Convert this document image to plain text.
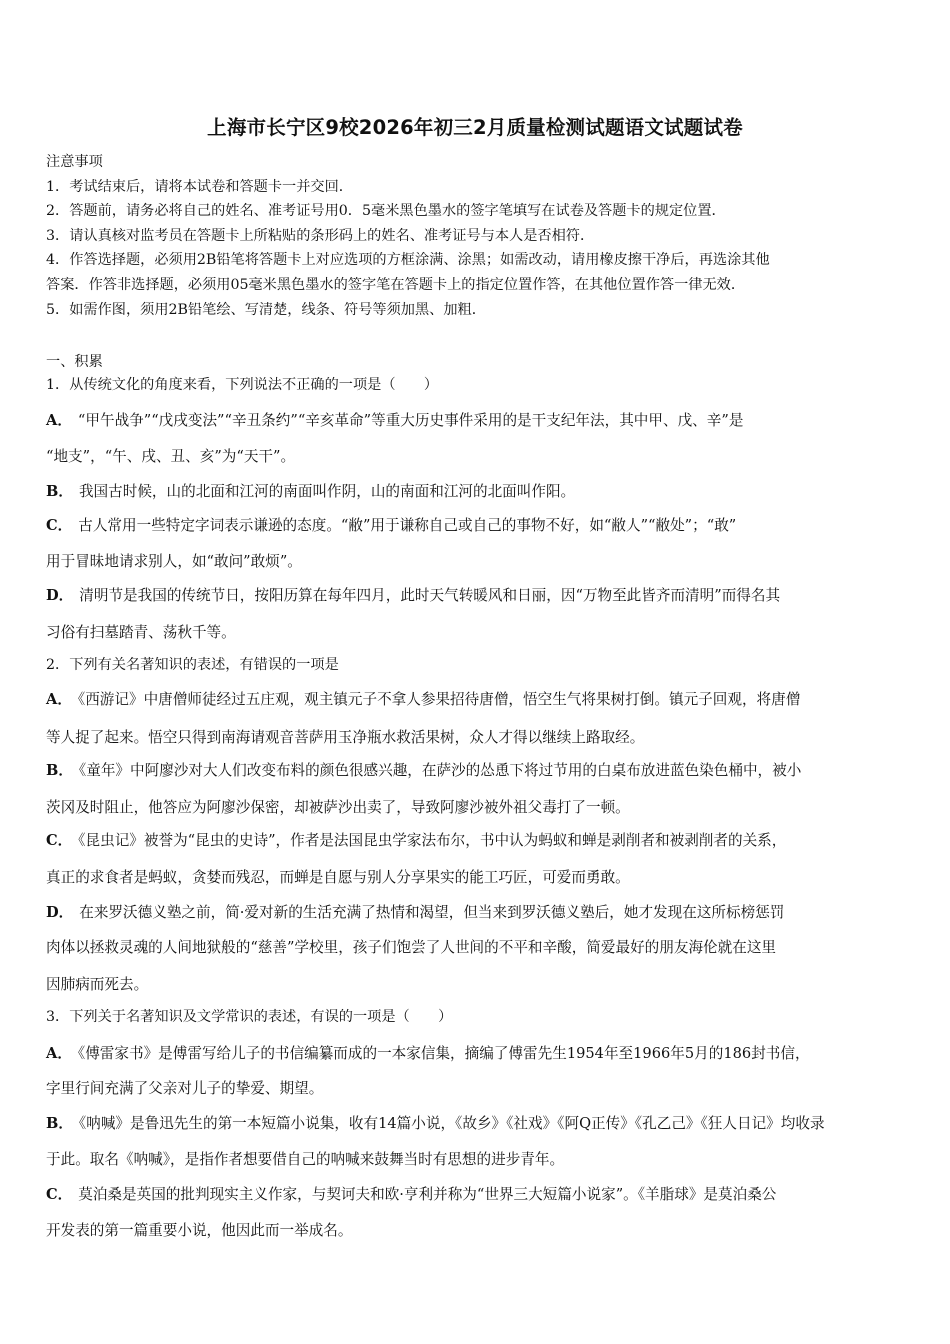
上海市长宁区9校2026年初三2月质量检测试题语文试题试卷
注意事项
1．考试结束后，请将本试卷和答题卡一并交回．
2．答题前，请务必将自己的姓名、准考证号用0．5毫米黑色墨水的签字笔填写在试卷及答题卡的规定位置．
3．请认真核对监考员在答题卡上所粘贴的条形码上的姓名、准考证号与本人是否相符．
4．作答选择题，必须用2B铅笔将答题卡上对应选项的方框涂满、涂黑；如需改动，请用橡皮擦干净后，再选涂其他
答案．作答非选择题，必须用05毫米黑色墨水的签字笔在答题卡上的指定位置作答，在其他位置作答一律无效．
5．如需作图，须用2B铅笔绘、写清楚，线条、符号等须加黑、加粗．
一、积累
1．从传统文化的角度来看，下列说法不正确的一项是（　　）
A． “甲午战争”“戊戌变法”“辛丑条约”“辛亥革命”等重大历史事件采用的是干支纪年法，其中甲、戊、辛”是
“地支”，“午、戌、丑、亥”为“天干”。
B． 我国古时候，山的北面和江河的南面叫作阴，山的南面和江河的北面叫作阳。
C． 古人常用一些特定字词表示谦逊的态度。“敝”用于谦称自己或自己的事物不好，如“敝人”“敝处”；“敢”
用于冒昧地请求别人，如“敢问”敢烦”。
D． 清明节是我国的传统节日，按阳历算在每年四月，此时天气转暖风和日丽，因“万物至此皆齐而清明”而得名其
习俗有扫墓踏青、荡秋千等。
2．下列有关名著知识的表述，有错误的一项是
A． 《西游记》中唐僧师徒经过五庄观，观主镇元子不拿人参果招待唐僧，悟空生气将果树打倒。镇元子回观，将唐僧
等人捉了起来。悟空只得到南海请观音菩萨用玉净瓶水救活果树，众人才得以继续上路取经。
B． 《童年》中阿廖沙对大人们改变布料的颜色很感兴趣，在萨沙的怂恿下将过节用的白桌布放进蓝色染色桶中，被小
茨冈及时阻止，他答应为阿廖沙保密，却被萨沙出卖了，导致阿廖沙被外祖父毒打了一顿。
C． 《昆虫记》被誉为“昆虫的史诗”，作者是法国昆虫学家法布尔，书中认为蚂蚁和蝉是剥削者和被剥削者的关系，
真正的求食者是蚂蚁，贪婪而残忍，而蝉是自愿与别人分享果实的能工巧匠，可爱而勇敢。
D． 在来罗沃德义塾之前，简·爱对新的生活充满了热情和渴望，但当来到罗沃德义塾后，她才发现在这所标榜惩罚
肉体以拯救灵魂的人间地狱般的“慈善”学校里，孩子们饱尝了人世间的不平和辛酸，简爱最好的朋友海伦就在这里
因肺病而死去。
3．下列关于名著知识及文学常识的表述，有误的一项是（　　）
A． 《傅雷家书》是傅雷写给儿子的书信编纂而成的一本家信集，摘编了傅雷先生1954年至1966年5月的186封书信，
字里行间充满了父亲对儿子的挚爱、期望。
B． 《呐喊》是鲁迅先生的第一本短篇小说集，收有14篇小说，《故乡》《社戏》《阿Q正传》《孔乙己》《狂人日记》均收录
于此。取名《呐喊》，是指作者想要借自己的呐喊来鼓舞当时有思想的进步青年。
C． 莫泊桑是英国的批判现实主义作家，与契诃夫和欧·亨利并称为“世界三大短篇小说家”。《羊脂球》是莫泊桑公
开发表的第一篇重要小说，他因此而一举成名。
